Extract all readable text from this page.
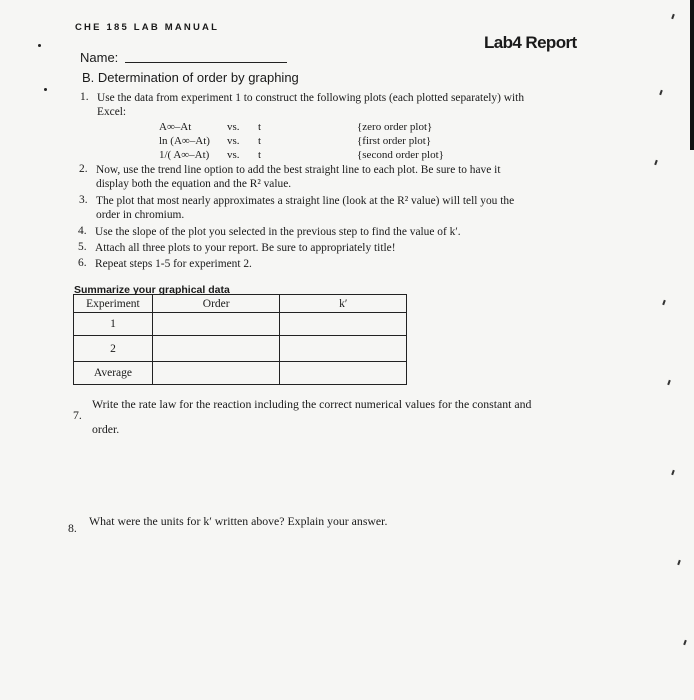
CHE 185 LAB MANUAL
Lab4 Report
Name:
B. Determination of order by graphing
1. Use the data from experiment 1 to construct the following plots (each plotted separately) with
Excel:
A∞–At	vs. t	{zero order plot}
ln (A∞–At) vs. t	{first order plot}
1/( A∞–At) vs. t	{second order plot}
2. Now, use the trend line option to add the best straight line to each plot. Be sure to have it
display both the equation and the R² value.
3. The plot that most nearly approximates a straight line (look at the R² value) will tell you the
order in chromium.
4. Use the slope of the plot you selected in the previous step to find the value of k′.
5. Attach all three plots to your report. Be sure to appropriately title!
6. Repeat steps 1-5 for experiment 2.
Summarize your graphical data
Experiment	Order	k′
1		
2		
Average		
7.
Write the rate law for the reaction including the correct numerical values for the constant and
order.
8. What were the units for k′ written above? Explain your answer.
